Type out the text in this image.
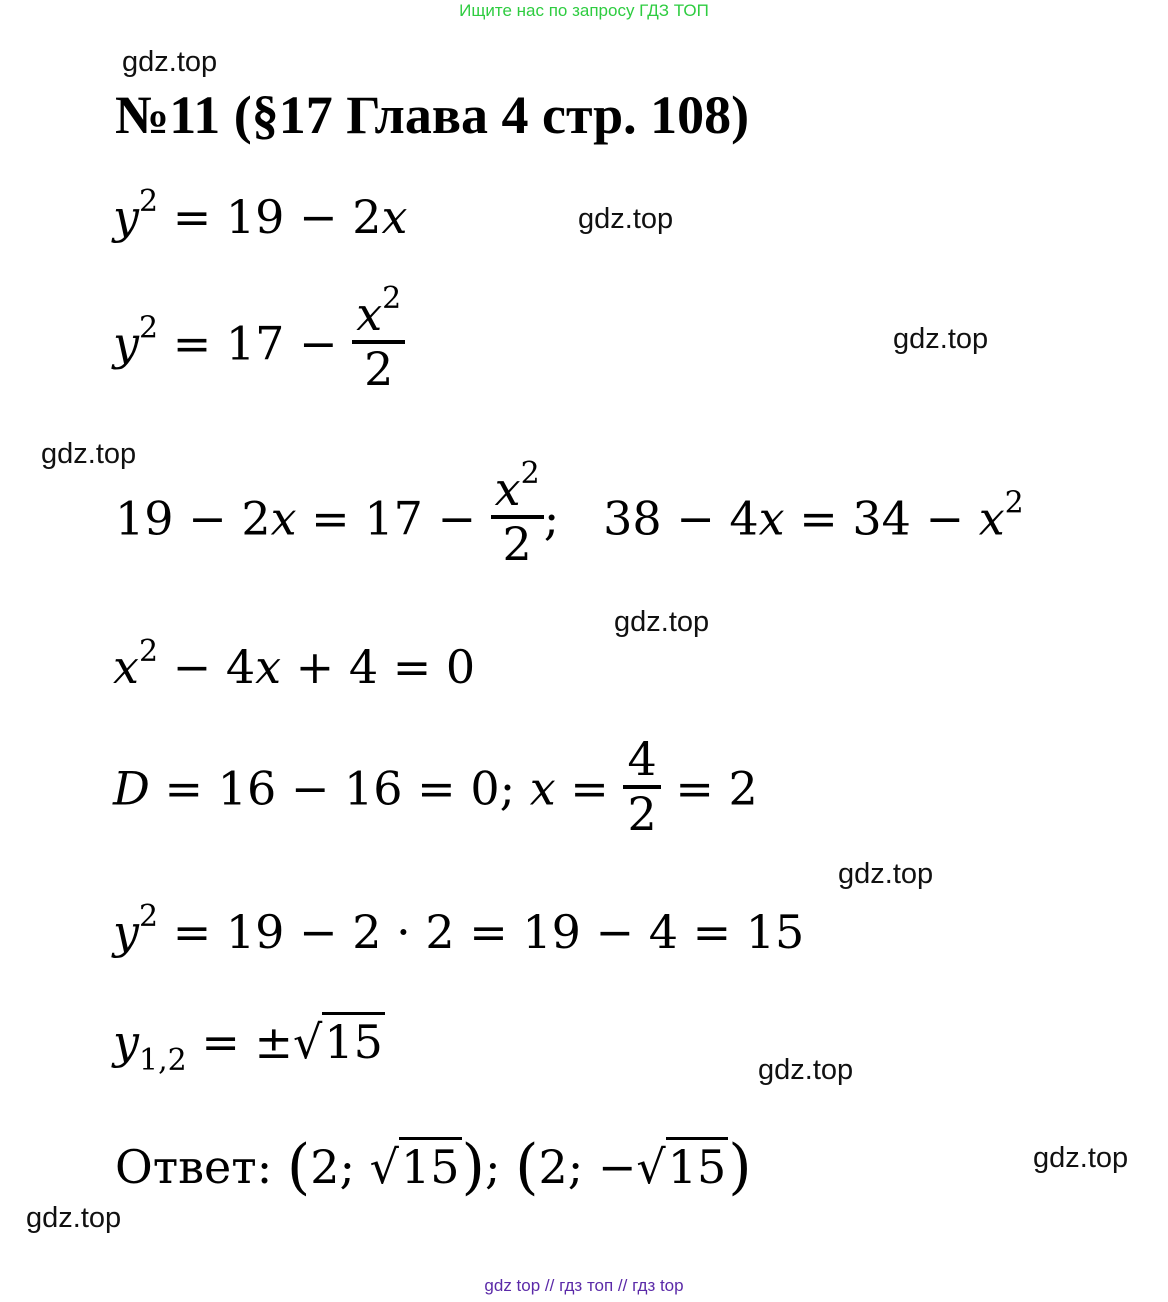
Ищите нас по запросу ГДЗ ТОП
gdz.top
№11 (§17 Глава 4 стр. 108)
$y^2 = 19 - 2x$	gdz.top
$y^2 = 17 - \frac{x^2}{2}$	gdz.top
gdz.top
$19 - 2x = 17 - \frac{x^2}{2}$ ;   $38 - 4x = 34 - x^2$
gdz.top
$x^2 - 4x + 4 = 0$
D = 16 − 16 = 0; $x = \frac{4}{2} = 2$
gdz.top
$y^2 = 19 - 2 \cdot 2 = 19 - 4 = 15$
$y_{1,2} = \pm√15$
gdz.top
Ответ: (2; √15); (2; −√15)	gdz.top
gdz.top
gdz top // гдз топ // гдз top
